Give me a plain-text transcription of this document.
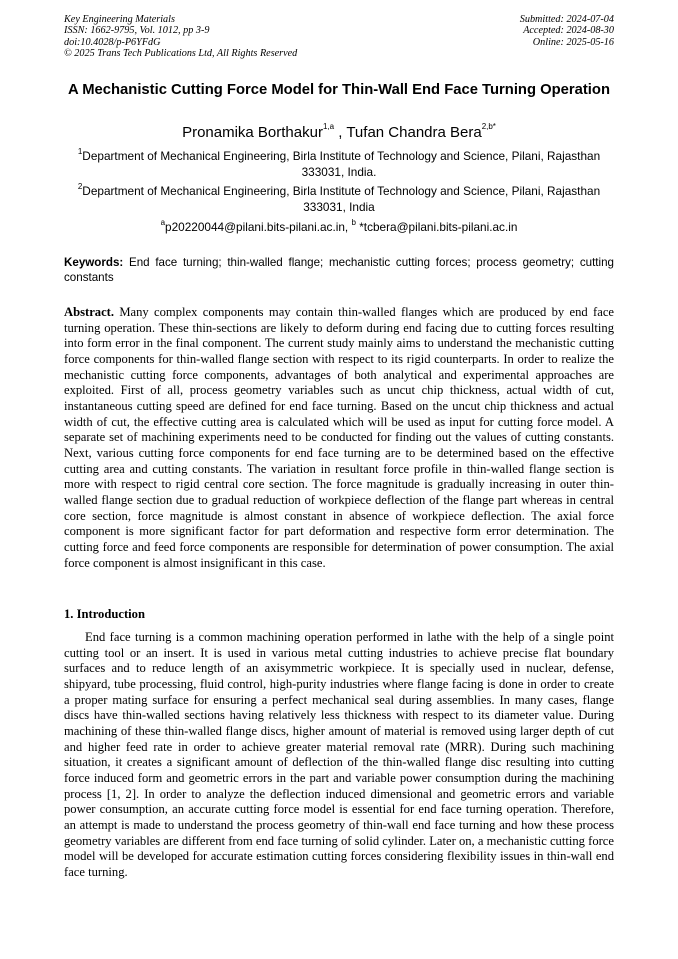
Key Engineering Materials
ISSN: 1662-9795, Vol. 1012, pp 3-9
doi:10.4028/p-P6YFdG
© 2025 Trans Tech Publications Ltd, All Rights Reserved
Submitted: 2024-07-04
Accepted: 2024-08-30
Online: 2025-05-16
A Mechanistic Cutting Force Model for Thin-Wall End Face Turning Operation
Pronamika Borthakur$^{1,a}$ , Tufan Chandra Bera$^{2,b*}$
$^1$Department of Mechanical Engineering, Birla Institute of Technology and Science, Pilani, Rajasthan 333031, India.
$^2$Department of Mechanical Engineering, Birla Institute of Technology and Science, Pilani, Rajasthan 333031, India
$^a$p20220044@pilani.bits-pilani.ac.in, $^b$ *tcbera@pilani.bits-pilani.ac.in
Keywords: End face turning; thin-walled flange; mechanistic cutting forces; process geometry; cutting constants
Abstract. Many complex components may contain thin-walled flanges which are produced by end face turning operation. These thin-sections are likely to deform during end facing due to cutting forces resulting into form error in the final component. The current study mainly aims to understand the mechanistic cutting force components for thin-walled flange section with respect to its rigid counterparts. In order to realize the mechanistic cutting force components, advantages of both analytical and experimental approaches are exploited. First of all, process geometry variables such as uncut chip thickness, actual width of cut, instantaneous cutting speed are defined for end face turning. Based on the uncut chip thickness and actual width of cut, the effective cutting area is calculated which will be used as input for cutting force model. A separate set of machining experiments need to be conducted for finding out the values of cutting constants. Next, various cutting force components for end face turning are to be determined based on the effective cutting area and cutting constants. The variation in resultant force profile in thin-walled flange section is more with respect to rigid central core section. The force magnitude is gradually increasing in outer thin-walled flange section due to gradual reduction of workpiece deflection of the flange part whereas in central core section, force magnitude is almost constant in absence of workpiece deflection. The axial force component is more significant factor for part deformation and respective form error determination. The cutting force and feed force components are responsible for determination of power consumption. The axial force component is almost insignificant in this case.
1. Introduction
End face turning is a common machining operation performed in lathe with the help of a single point cutting tool or an insert. It is used in various metal cutting industries to achieve precise flat boundary surfaces and to reduce length of an axisymmetric workpiece. It is specially used in nuclear, defense, shipyard, tube processing, fluid control, high-purity industries where flange facing is done in order to create a proper mating surface for ensuring a perfect mechanical seal during assemblies. In many cases, flange discs have thin-walled sections having relatively less thickness with respect to its diameter value. During machining of these thin-walled flange discs, higher amount of material is removed using larger depth of cut and higher feed rate in order to achieve greater material removal rate (MRR). During such machining situation, it creates a significant amount of deflection of the thin-walled flange disc resulting into cutting force induced form and geometric errors in the part and variable power consumption during the machining process [1, 2]. In order to analyze the deflection induced dimensional and geometric errors and variable power consumption, an accurate cutting force model is essential for end face turning operation. Therefore, an attempt is made to understand the process geometry of thin-wall end face turning and how these process geometry variables are different from end face turning of solid cylinder. Later on, a mechanistic cutting force model will be developed for accurate estimation cutting forces considering flexibility issues in thin-wall end face turning.
